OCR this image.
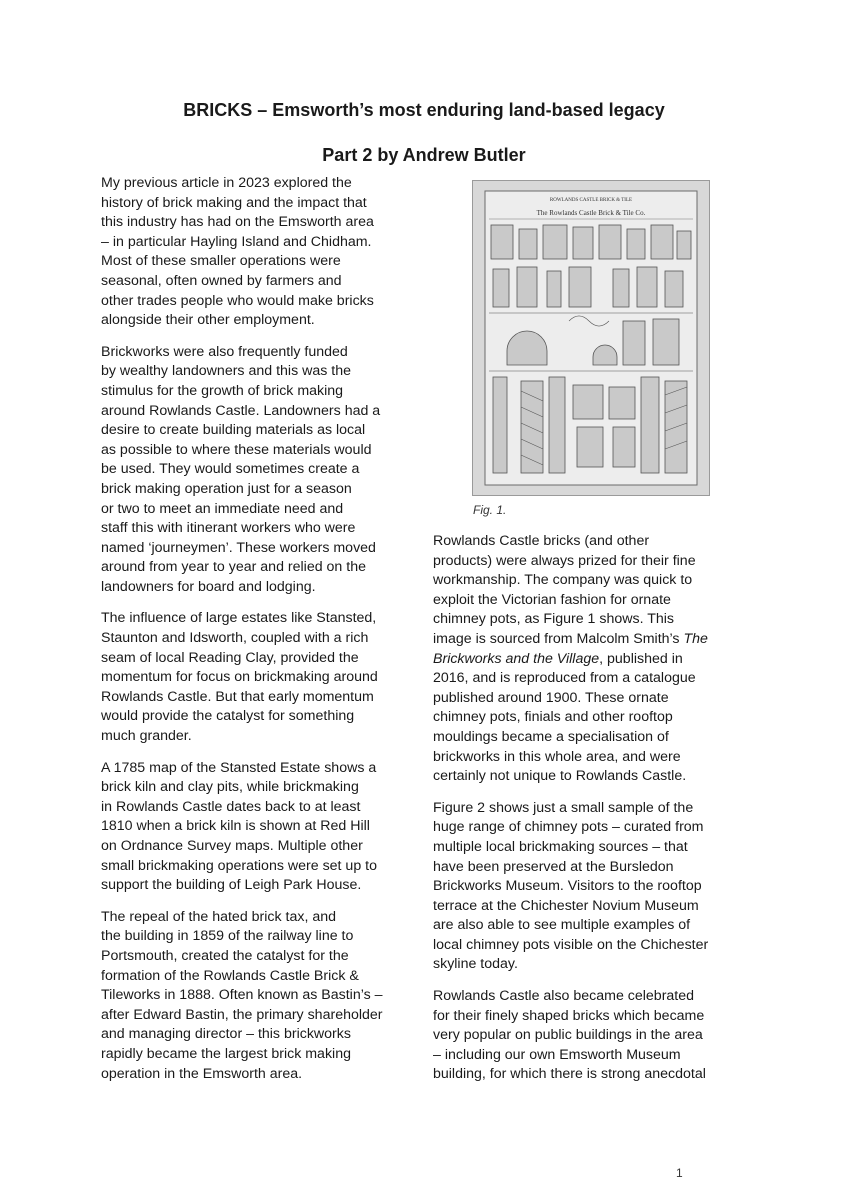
BRICKS – Emsworth’s most enduring land-based legacy
Part 2 by Andrew Butler

My previous article in 2023 explored the
history of brick making and the impact that
this industry has had on the Emsworth area
– in particular Hayling Island and Chidham.
Most of these smaller operations were
seasonal, often owned by farmers and
other trades people who would make bricks
alongside their other employment.

Brickworks were also frequently funded
by wealthy landowners and this was the
stimulus for the growth of brick making
around Rowlands Castle. Landowners had a
desire to create building materials as local
as possible to where these materials would
be used. They would sometimes create a
brick making operation just for a season
or two to meet an immediate need and
staff this with itinerant workers who were
named ‘journeymen’. These workers moved
around from year to year and relied on the
landowners for board and lodging.

The influence of large estates like Stansted,
Staunton and Idsworth, coupled with a rich
seam of local Reading Clay, provided the
momentum for focus on brickmaking around
Rowlands Castle. But that early momentum
would provide the catalyst for something
much grander.

A 1785 map of the Stansted Estate shows a
brick kiln and clay pits, while brickmaking
in Rowlands Castle dates back to at least
1810 when a brick kiln is shown at Red Hill
on Ordnance Survey maps. Multiple other
small brickmaking operations were set up to
support the building of Leigh Park House.

The repeal of the hated brick tax, and
the building in 1859 of the railway line to
Portsmouth, created the catalyst for the
formation of the Rowlands Castle Brick &
Tileworks in 1888. Often known as Bastin’s –
after Edward Bastin, the primary shareholder
and managing director – this brickworks
rapidly became the largest brick making
operation in the Emsworth area.

ROWLANDS CASTLE BRICK & TILE
The Rowlands Castle Brick & Tile Co.
Fig. 1.

Rowlands Castle bricks (and other
products) were always prized for their fine
workmanship. The company was quick to
exploit the Victorian fashion for ornate
chimney pots, as Figure 1 shows. This
image is sourced from Malcolm Smith’s The
Brickworks and the Village, published in
2016, and is reproduced from a catalogue
published around 1900. These ornate
chimney pots, finials and other rooftop
mouldings became a specialisation of
brickworks in this whole area, and were
certainly not unique to Rowlands Castle.

Figure 2 shows just a small sample of the
huge range of chimney pots – curated from
multiple local brickmaking sources – that
have been preserved at the Bursledon
Brickworks Museum. Visitors to the rooftop
terrace at the Chichester Novium Museum
are also able to see multiple examples of
local chimney pots visible on the Chichester
skyline today.

Rowlands Castle also became celebrated
for their finely shaped bricks which became
very popular on public buildings in the area
– including our own Emsworth Museum
building, for which there is strong anecdotal

1
